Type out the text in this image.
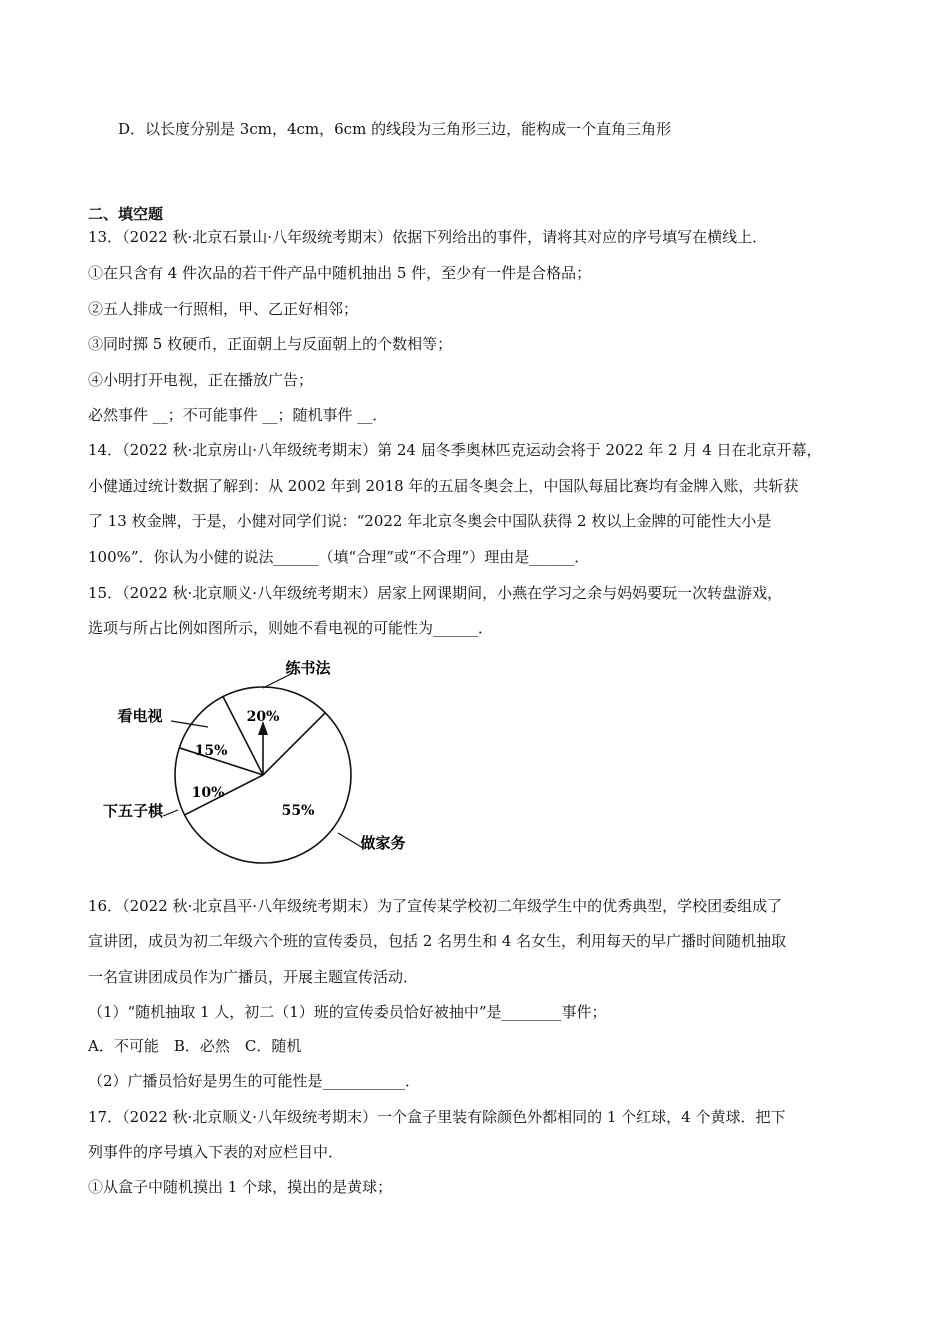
D．以长度分别是 3cm，4cm，6cm 的线段为三角形三边，能构成一个直角三角形
二、填空题
13．（2022 秋·北京石景山·八年级统考期末）依据下列给出的事件，请将其对应的序号填写在横线上．
①在只含有 4 件次品的若干件产品中随机抽出 5 件，至少有一件是合格品；
②五人排成一行照相，甲、乙正好相邻；
③同时掷 5 枚硬币，正面朝上与反面朝上的个数相等；
④小明打开电视，正在播放广告；
必然事件 __；不可能事件 __；随机事件 __．
14．（2022 秋·北京房山·八年级统考期末）第 24 届冬季奥林匹克运动会将于 2022 年 2 月 4 日在北京开幕，
小健通过统计数据了解到：从 2002 年到 2018 年的五届冬奥会上，中国队每届比赛均有金牌入账，共斩获
了 13 枚金牌，于是，小健对同学们说：“2022 年北京冬奥会中国队获得 2 枚以上金牌的可能性大小是
100%”．你认为小健的说法______（填“合理”或“不合理”）理由是______．
15．（2022 秋·北京顺义·八年级统考期末）居家上网课期间，小燕在学习之余与妈妈要玩一次转盘游戏，
选项与所占比例如图所示，则她不看电视的可能性为______．
20%
15%
10%
55%
练书法
看电视
下五子棋
做家务
16．（2022 秋·北京昌平·八年级统考期末）为了宣传某学校初二年级学生中的优秀典型，学校团委组成了
宣讲团，成员为初二年级六个班的宣传委员，包括 2 名男生和 4 名女生，利用每天的早广播时间随机抽取
一名宣讲团成员作为广播员，开展主题宣传活动．
（1）“随机抽取 1 人，初二（1）班的宣传委员恰好被抽中”是________事件；
A．不可能　B．必然　C．随机
（2）广播员恰好是男生的可能性是___________．
17．（2022 秋·北京顺义·八年级统考期末）一个盒子里装有除颜色外都相同的 1 个红球，4 个黄球．把下
列事件的序号填入下表的对应栏目中．
①从盒子中随机摸出 1 个球，摸出的是黄球；
